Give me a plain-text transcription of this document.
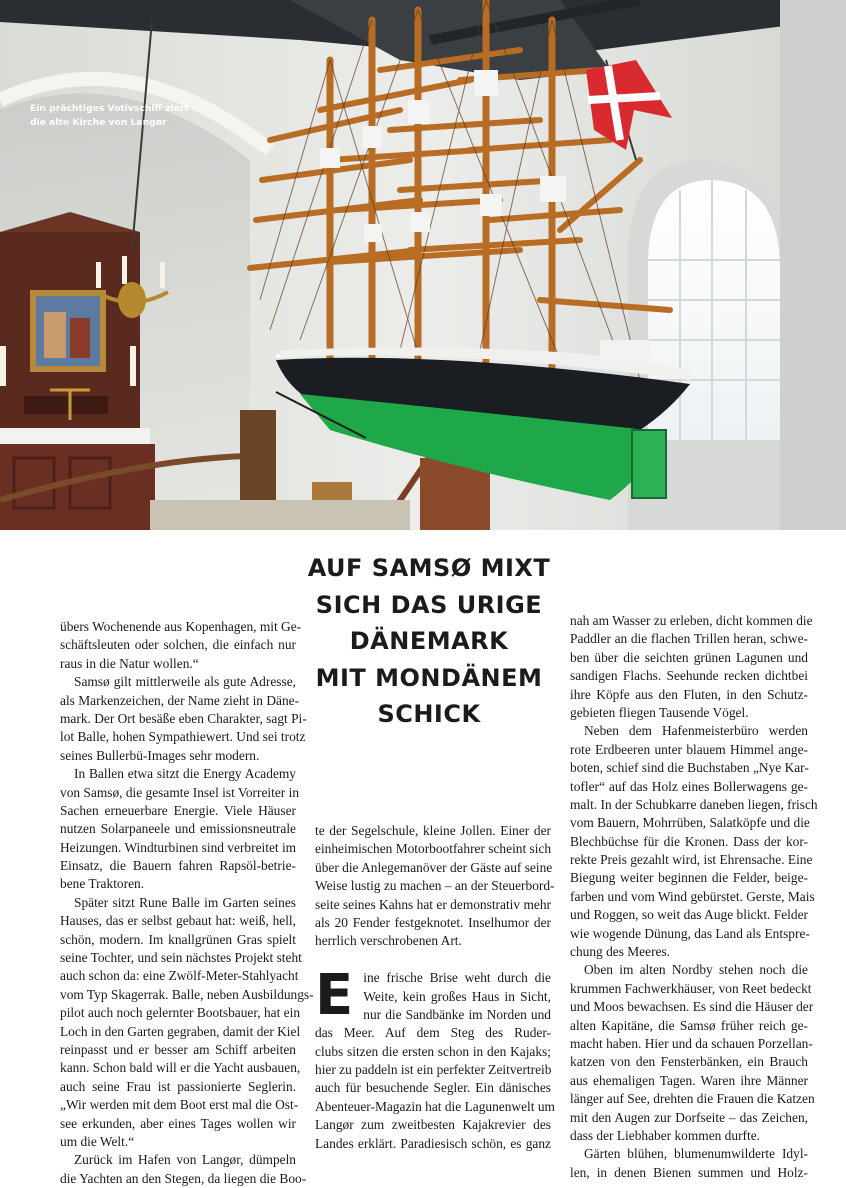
Ein prächtiges Votivschiff ziert
die alte Kirche von Langør
AUF SAMSØ MIXT
SICH DAS URIGE
DÄNEMARK
MIT MONDÄNEM
SCHICK
übers Wochenende aus Kopenhagen, mit Ge-
schäftsleuten oder solchen, die einfach nur
raus in die Natur wollen.“
Samsø gilt mittlerweile als gute Adresse,
als Markenzeichen, der Name zieht in Däne-
mark. Der Ort besäße eben Charakter, sagt Pi-
lot Balle, hohen Sympathiewert. Und sei trotz
seines Bullerbü-Images sehr modern.
In Ballen etwa sitzt die Energy Academy
von Samsø, die gesamte Insel ist Vorreiter in
Sachen erneuerbare Energie. Viele Häuser
nutzen Solarpaneele und emissionsneutrale
Heizungen. Windturbinen sind verbreitet im
Einsatz, die Bauern fahren Rapsöl-betrie-
bene Traktoren.
Später sitzt Rune Balle im Garten seines
Hauses, das er selbst gebaut hat: weiß, hell,
schön, modern. Im knallgrünen Gras spielt
seine Tochter, und sein nächstes Projekt steht
auch schon da: eine Zwölf-Meter-Stahlyacht
vom Typ Skagerrak. Balle, neben Ausbildungs-
pilot auch noch gelernter Bootsbauer, hat ein
Loch in den Garten gegraben, damit der Kiel
reinpasst und er besser am Schiff arbeiten
kann. Schon bald will er die Yacht ausbauen,
auch seine Frau ist passionierte Seglerin.
„Wir werden mit dem Boot erst mal die Ost-
see erkunden, aber eines Tages wollen wir
um die Welt.“
Zurück im Hafen von Langør, dümpeln
die Yachten an den Stegen, da liegen die Boo-
te der Segelschule, kleine Jollen. Einer der
einheimischen Motorbootfahrer scheint sich
über die Anlegemanöver der Gäste auf seine
Weise lustig zu machen – an der Steuerbord-
seite seines Kahns hat er demonstrativ mehr
als 20 Fender festgeknotet. Inselhumor der
herrlich verschrobenen Art.
E ine frische Brise weht durch die
Weite, kein großes Haus in Sicht,
nur die Sandbänke im Norden und
das Meer. Auf dem Steg des Ruder-
clubs sitzen die ersten schon in den Kajaks;
hier zu paddeln ist ein perfekter Zeitvertreib
auch für besuchende Segler. Ein dänisches
Abenteuer-Magazin hat die Lagunenwelt um
Langør zum zweitbesten Kajakrevier des
Landes erklärt. Paradiesisch schön, es ganz
nah am Wasser zu erleben, dicht kommen die
Paddler an die flachen Trillen heran, schwe-
ben über die seichten grünen Lagunen und
sandigen Flachs. Seehunde recken dichtbei
ihre Köpfe aus den Fluten, in den Schutz-
gebieten fliegen Tausende Vögel.
Neben dem Hafenmeisterbüro werden
rote Erdbeeren unter blauem Himmel ange-
boten, schief sind die Buchstaben „Nye Kar-
tofler“ auf das Holz eines Bollerwagens ge-
malt. In der Schubkarre daneben liegen, frisch
vom Bauern, Mohrrüben, Salatköpfe und die
Blechbüchse für die Kronen. Dass der kor-
rekte Preis gezahlt wird, ist Ehrensache. Eine
Biegung weiter beginnen die Felder, beige-
farben und vom Wind gebürstet. Gerste, Mais
und Roggen, so weit das Auge blickt. Felder
wie wogende Dünung, das Land als Entspre-
chung des Meeres.
Oben im alten Nordby stehen noch die
krummen Fachwerkhäuser, von Reet bedeckt
und Moos bewachsen. Es sind die Häuser der
alten Kapitäne, die Samsø früher reich ge-
macht haben. Hier und da schauen Porzellan-
katzen von den Fensterbänken, ein Brauch
aus ehemaligen Tagen. Waren ihre Männer
länger auf See, drehten die Frauen die Katzen
mit den Augen zur Dorfseite – das Zeichen,
dass der Liebhaber kommen durfte.
Gärten blühen, blumenumwilderte Idyl-
len, in denen Bienen summen und Holz-
